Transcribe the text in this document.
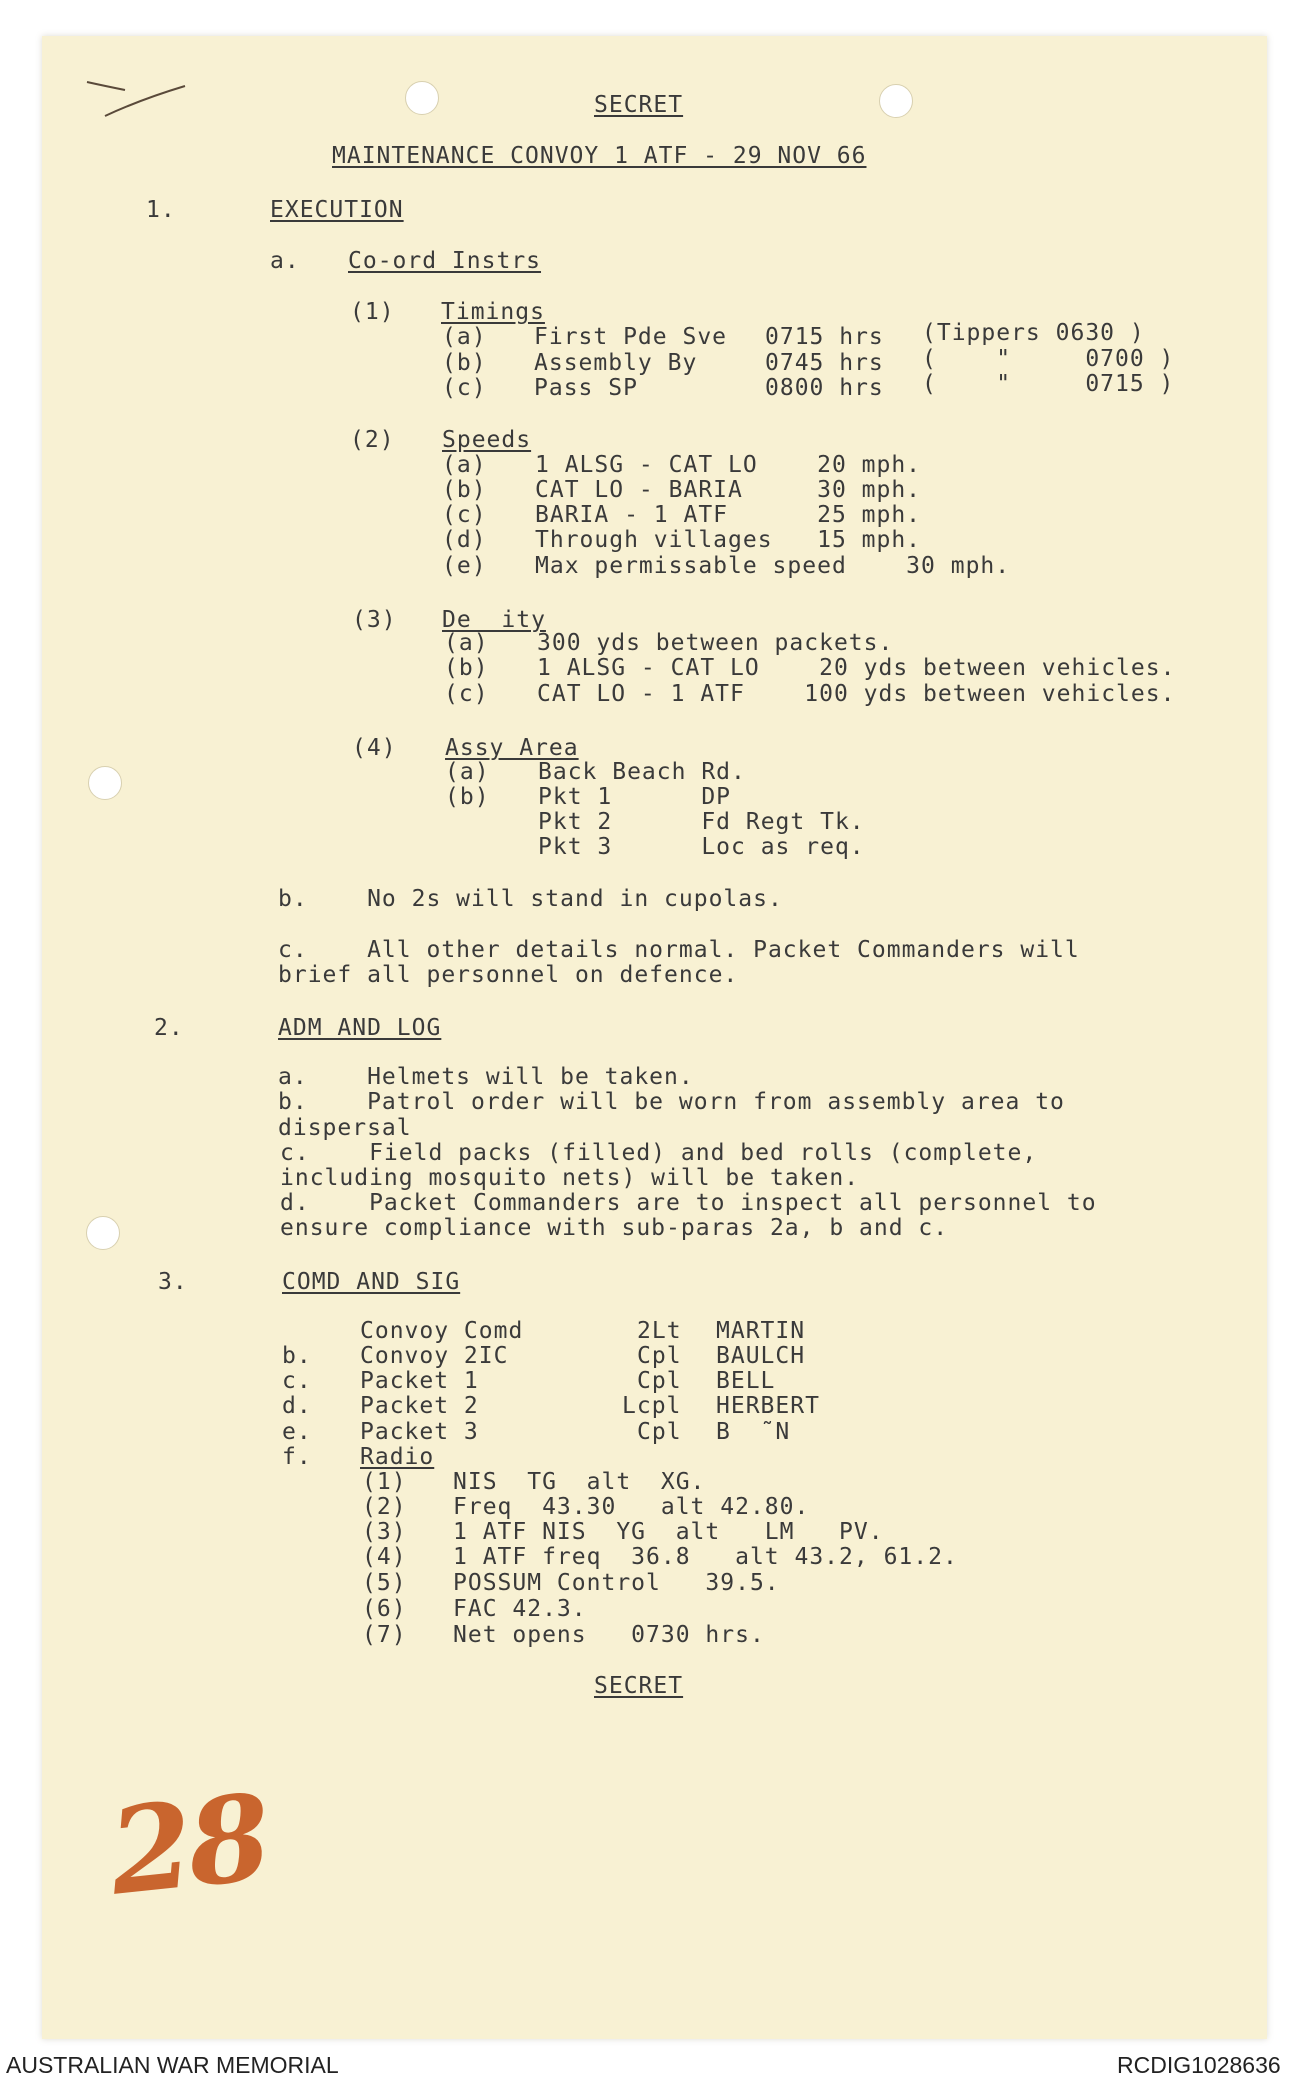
SECRET
MAINTENANCE CONVOY 1 ATF - 29 NOV 66
1.	EXECUTION
a. Co-ord Instrs
(1) Timings
(a) First Pde Sve 0715 hrs (Tippers 0630 )
(b) Assembly By	0745 hrs (    "     0700 )
(c) Pass SP	0800 hrs (    "     0715 )
(2) Speeds
(a) 1 ALSG - CAT LO    20 mph.
(b) CAT LO - BARIA     30 mph.
(c) BARIA - 1 ATF      25 mph.
(d) Through villages   15 mph.
(e) Max permissable speed    30 mph.
(3) De  ity
(a) 300 yds between packets.
(b) 1 ALSG - CAT LO    20 yds between vehicles.
(c) CAT LO - 1 ATF    100 yds between vehicles.
(4) Assy Area
(a) Back Beach Rd.
(b) Pkt 1      DP
Pkt 2      Fd Regt Tk.
Pkt 3      Loc as req.
b.    No 2s will stand in cupolas.
c.    All other details normal. Packet Commanders will
brief all personnel on defence.
2.	ADM AND LOG
a.    Helmets will be taken.
b.    Patrol order will be worn from assembly area to
dispersal
c.    Field packs (filled) and bed rolls (complete,
including mosquito nets) will be taken.
d.    Packet Commanders are to inspect all personnel to
ensure compliance with sub-paras 2a, b and c.
3.	COMD AND SIG
Convoy Comd	2Lt MARTIN
b. Convoy 2IC	Cpl BAULCH
c. Packet 1	Cpl BELL
d. Packet 2	Lcpl HERBERT
e. Packet 3	Cpl B  ˜N
f. Radio
(1) NIS  TG  alt  XG.
(2) Freq  43.30   alt 42.80.
(3) 1 ATF NIS  YG  alt   LM   PV.
(4) 1 ATF freq  36.8   alt 43.2, 61.2.
(5) POSSUM Control   39.5.
(6) FAC 42.3.
(7) Net opens   0730 hrs.
SECRET
28
AUSTRALIAN WAR MEMORIAL	RCDIG1028636
